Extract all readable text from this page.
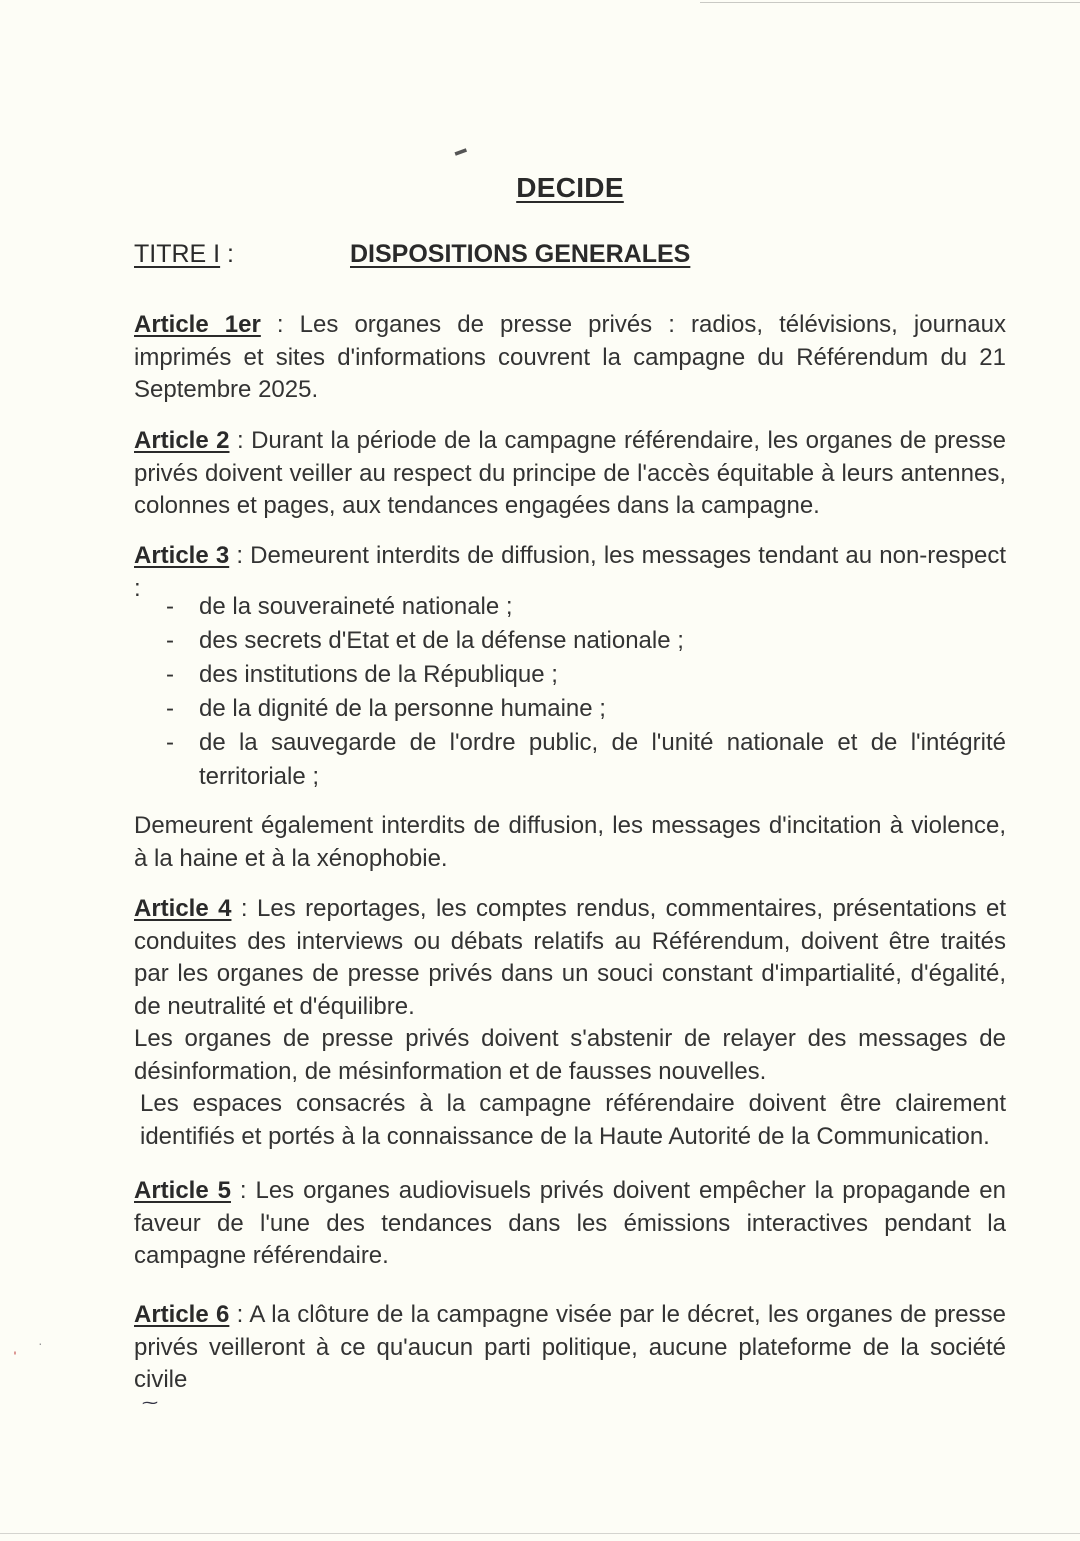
▬
ˌ ·
⁓
DECIDE
TITRE I :	DISPOSITIONS GENERALES
Article 1er : Les organes de presse privés : radios, télévisions, journaux imprimés et sites d'informations couvrent la campagne du Référendum du 21 Septembre 2025.
Article 2 : Durant la période de la campagne référendaire, les organes de presse privés doivent veiller au respect du principe de l'accès équitable à leurs antennes, colonnes et pages, aux tendances engagées dans la campagne.
Article 3 : Demeurent interdits de diffusion, les messages tendant au non-respect :
- de la souveraineté nationale ;
- des secrets d'Etat et de la défense nationale ;
- des institutions de la République ;
- de la dignité de la personne humaine ;
- de la sauvegarde de l'ordre public, de l'unité nationale et de l'intégrité territoriale ;
Demeurent également interdits de diffusion, les messages d'incitation à violence, à la haine et à la xénophobie.
Article 4 : Les reportages, les comptes rendus, commentaires, présentations et conduites des interviews ou débats relatifs au Référendum, doivent être traités par les organes de presse privés dans un souci constant d'impartialité, d'égalité, de neutralité et d'équilibre.
Les organes de presse privés doivent s'abstenir de relayer des messages de désinformation, de mésinformation et de fausses nouvelles.
Les espaces consacrés à la campagne référendaire doivent être clairement identifiés et portés à la connaissance de la Haute Autorité de la Communication.
Article 5 : Les organes audiovisuels privés doivent empêcher la propagande en faveur de l'une des tendances dans les émissions interactives pendant la campagne référendaire.
Article 6 : A la clôture de la campagne visée par le décret, les organes de presse privés veilleront à ce qu'aucun parti politique, aucune plateforme de la société civile
